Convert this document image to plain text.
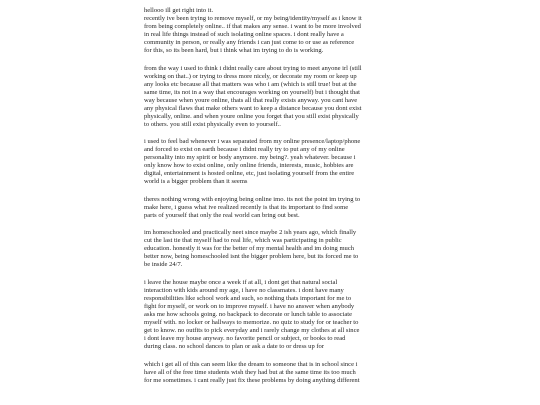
hellooo ill get right into it.
recently ive been trying to remove myself, or my being/identity/myself as i know it
from being completely online.. if that makes any sense. i want to be more involved
in real life things instead of such isolating online spaces. i dont really have a
community in person, or really any friends i can just come to or use as reference
for this, so its been hard, but i think what im trying to do is working.
from the way i used to think i didnt really care about trying to meet anyone irl (still
working on that..) or trying to dress more nicely, or decorate my room or keep up
any looks etc because all that matters was who i am (which is still true! but at the
same time, its not in a way that encourages working on yourself) but i thought that
way because when youre online, thats all that really exists anyway. you cant have
any physical flaws that make others want to keep a distance because you dont exist
physically, online. and when youre online you forget that you still exist physically
to others. you still exist physically even to yourself..
i used to feel bad whenever i was separated from my online presence/laptop/phone
and forced to exist on earth because i didnt really try to put any of my online
personality into my spirit or body anymore. my being?. yeah whatever. because i
only know how to exist online, only online friends, interests, music, hobbies are
digital, entertainment is hosted online, etc, just isolating yourself from the entire
world is a bigger problem than it seems
theres nothing wrong with enjoying being online imo. its not the point im trying to
make here, i guess what ive realized recently is that its important to find some
parts of yourself that only the real world can bring out best.
im homeschooled and practically neet since maybe 2 ish years ago, which finally
cut the last tie that myself had to real life, which was participating in public
education. honestly it was for the better of my mental health and im doing much
better now, being homeschooled isnt the bigger problem here, but its forced me to
be inside 24/7.
i leave the house maybe once a week if at all, i dont get that natural social
interaction with kids around my age, i have no classmates. i dont have many
responsibilities like school work and such, so nothing thats important for me to
fight for myself, or work on to improve myself. i have no answer when anybody
asks me how schools going. no backpack to decorate or lunch table to associate
myself with. no locker or hallways to memorize. no quiz to study for or teacher to
get to know. no outfits to pick everyday and i rarely change my clothes at all since
i dont leave my house anyway. no favorite pencil or subject, or books to read
during class. no school dances to plan or ask a date to or dress up for
which i get all of this can seem like the dream to someone that is in school since i
have all of the free time students wish they had but at the same time its too much
for me sometimes. i cant really just fix these problems by doing anything different
